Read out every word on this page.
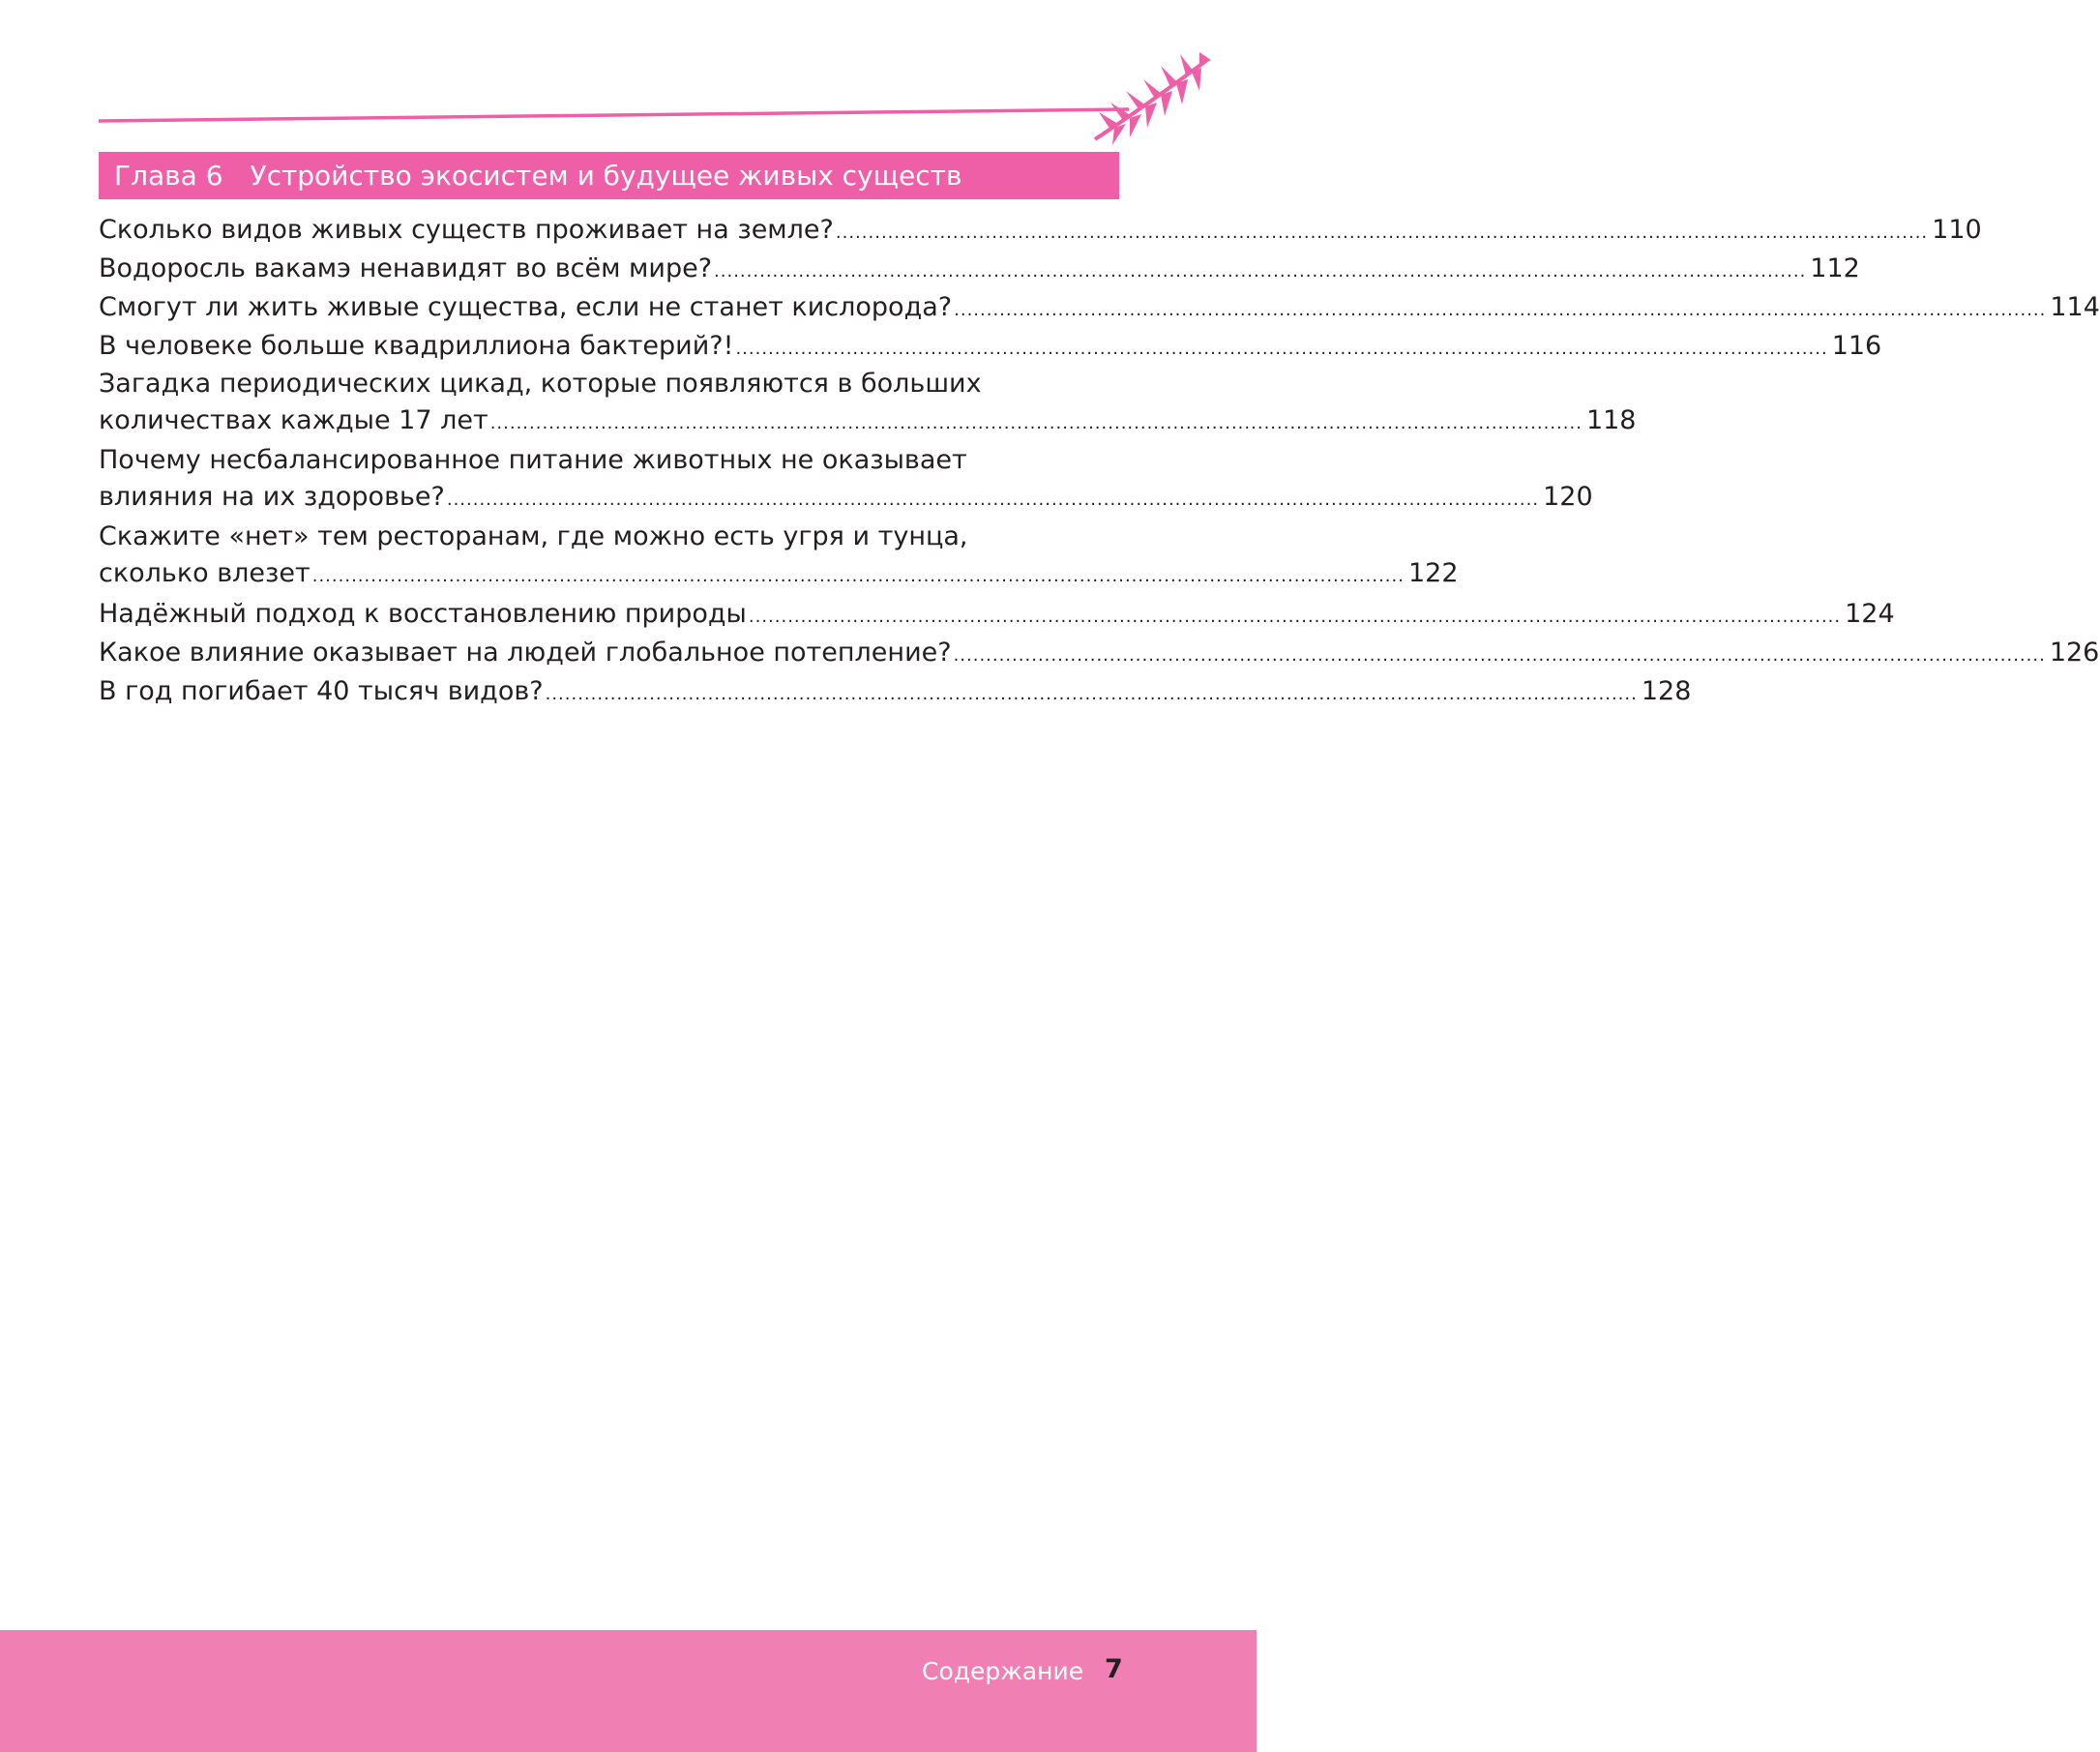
Глава 6 Устройство экосистем и будущее живых существ
Сколько видов живых существ проживает на земле? ........................................................................................................................................................................ 110
Водоросль вакамэ ненавидят во всём мире? ........................................................................................................................................................................ 112
Смогут ли жить живые существа, если не станет кислорода? ........................................................................................................................................................................ 114
В человеке больше квадриллиона бактерий?! ........................................................................................................................................................................ 116
Загадка периодических цикад, которые появляются в больших
количествах каждые 17 лет ........................................................................................................................................................................ 118
Почему несбалансированное питание животных не оказывает
влияния на их здоровье? ........................................................................................................................................................................ 120
Скажите «нет» тем ресторанам, где можно есть угря и тунца,
сколько влезет ........................................................................................................................................................................ 122
Надёжный подход к восстановлению природы ........................................................................................................................................................................ 124
Какое влияние оказывает на людей глобальное потепление? ........................................................................................................................................................................ 126
В год погибает 40 тысяч видов? ........................................................................................................................................................................ 128
Содержание 7
